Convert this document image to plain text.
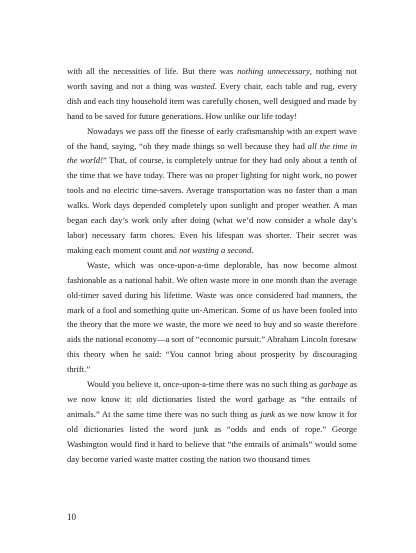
with all the necessities of life. But there was nothing unnecessary, nothing not worth saving and not a thing was wasted. Every chair, each table and rug, every dish and each tiny household item was carefully chosen, well designed and made by hand to be saved for future generations. How unlike our life today!

Nowadays we pass off the finesse of early craftsmanship with an expert wave of the hand, saying, “oh they made things so well because they had all the time in the world!” That, of course, is completely untrue for they had only about a tenth of the time that we have today. There was no proper lighting for night work, no power tools and no electric time-savers. Average transportation was no faster than a man walks. Work days depended completely upon sunlight and proper weather. A man began each day’s work only after doing (what we’d now consider a whole day’s labor) necessary farm chores. Even his lifespan was shorter. Their secret was making each moment count and not wasting a second.

Waste, which was once-upon-a-time deplorable, has now become almost fashionable as a national habit. We often waste more in one month than the average old-timer saved during his lifetime. Waste was once considered bad manners, the mark of a fool and something quite un-American. Some of us have been fooled into the theory that the more we waste, the more we need to buy and so waste therefore aids the national economy—a sort of “economic pursuit.” Abraham Lincoln foresaw this theory when he said: “You cannot bring about prosperity by discouraging thrift.”

Would you believe it, once-upon-a-time there was no such thing as garbage as we now know it: old dictionaries listed the word garbage as “the entrails of animals.” At the same time there was no such thing as junk as we now know it for old dictionaries listed the word junk as “odds and ends of rope.” George Washington would find it hard to believe that “the entrails of animals” would some day become varied waste matter costing the nation two thousand times

10
